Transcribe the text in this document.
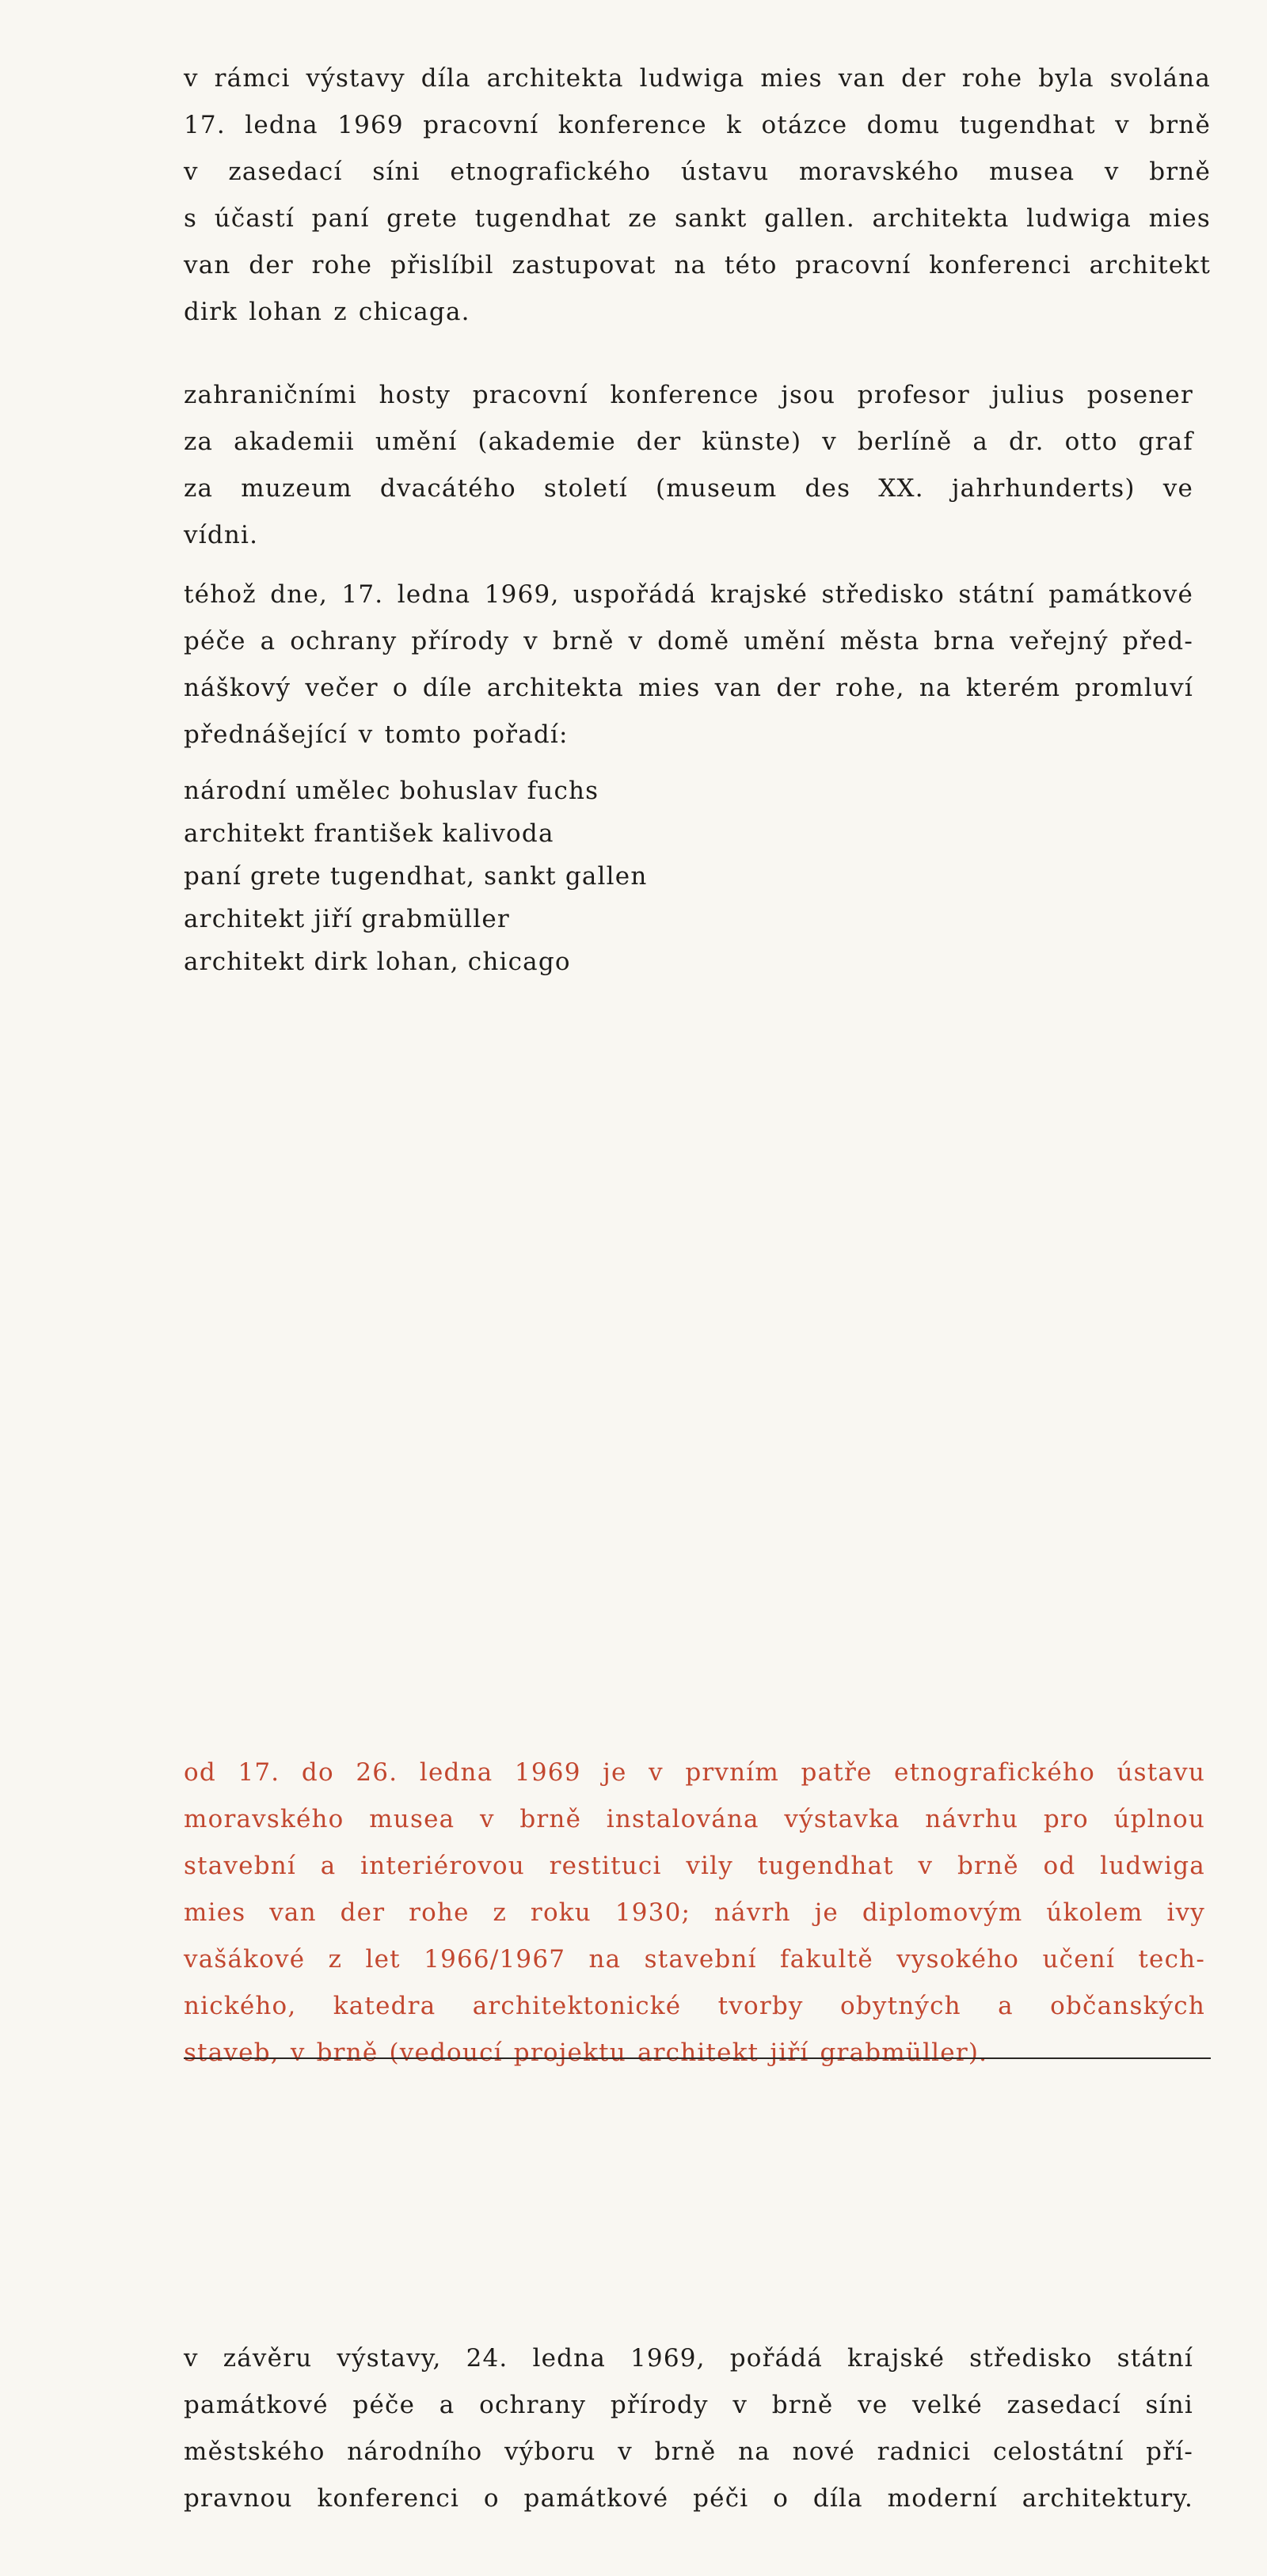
v rámci výstavy díla architekta ludwiga mies van der rohe byla svolána
17. ledna 1969 pracovní konference k otázce domu tugendhat v brně
v zasedací síni etnografického ústavu moravského musea v brně
s účastí paní grete tugendhat ze sankt gallen. architekta ludwiga mies
van der rohe přislíbil zastupovat na této pracovní konferenci architekt
dirk lohan z chicaga.

zahraničními hosty pracovní konference jsou profesor julius posener
za akademii umění (akademie der künste) v berlíně a dr. otto graf
za muzeum dvacátého století (museum des XX. jahrhunderts) ve
vídni.

téhož dne, 17. ledna 1969, uspořádá krajské středisko státní památkové
péče a ochrany přírody v brně v domě umění města brna veřejný před-
náškový večer o díle architekta mies van der rohe, na kterém promluví
přednášející v tomto pořadí:

národní umělec bohuslav fuchs
architekt františek kalivoda
paní grete tugendhat, sankt gallen
architekt jiří grabmüller
architekt dirk lohan, chicago

od 17. do 26. ledna 1969 je v prvním patře etnografického ústavu
moravského musea v brně instalována výstavka návrhu pro úplnou
stavební a interiérovou restituci vily tugendhat v brně od ludwiga
mies van der rohe z roku 1930; návrh je diplomovým úkolem ivy
vašákové z let 1966/1967 na stavební fakultě vysokého učení tech-
nického, katedra architektonické tvorby obytných a občanských
staveb, v brně (vedoucí projektu architekt jiří grabmüller).

v závěru výstavy, 24. ledna 1969, pořádá krajské středisko státní
památkové péče a ochrany přírody v brně ve velké zasedací síni
městského národního výboru v brně na nové radnici celostátní pří-
pravnou konferenci o památkové péči o díla moderní architektury.
